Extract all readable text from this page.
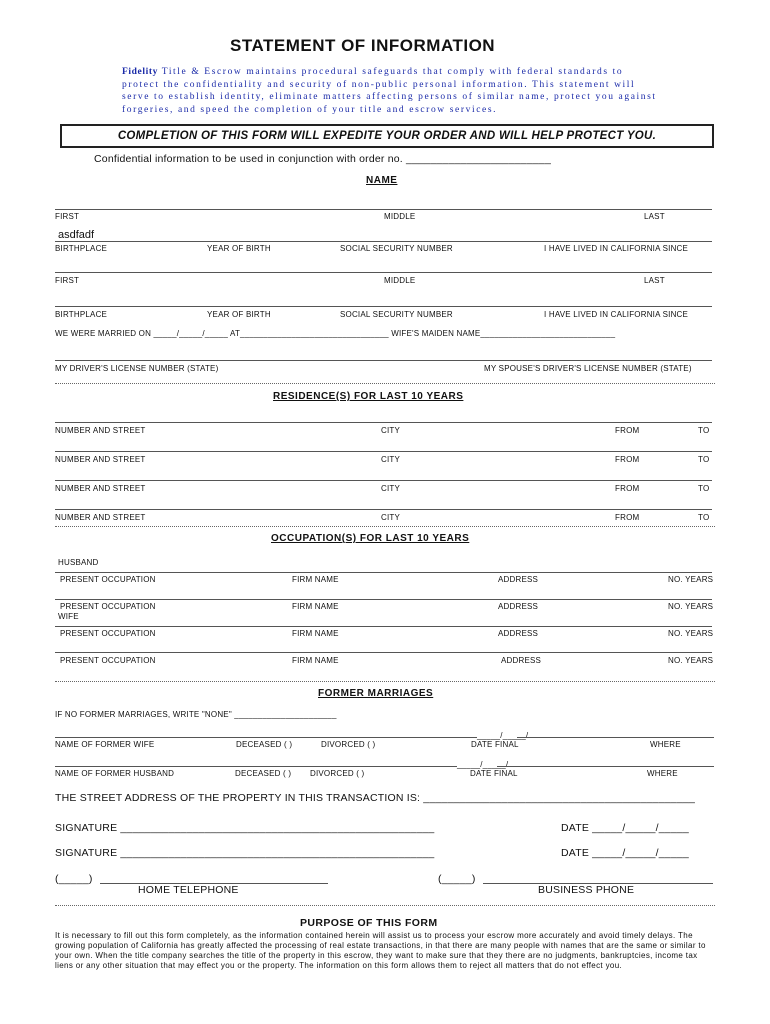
STATEMENT OF INFORMATION
Fidelity Title & Escrow maintains procedural safeguards that comply with federal standards to protect the confidentiality and security of non-public personal information. This statement will serve to establish identity, eliminate matters affecting persons of similar name, protect you against forgeries, and speed the completion of your title and escrow services.
COMPLETION OF THIS FORM WILL EXPEDITE YOUR ORDER AND WILL HELP PROTECT YOU.
Confidential information to be used in conjunction with order no. ________________________
NAME
FIRST	MIDDLE	LAST
asdfadf
BIRTHPLACE	YEAR OF BIRTH	SOCIAL SECURITY NUMBER	I HAVE LIVED IN CALIFORNIA SINCE
FIRST	MIDDLE	LAST
BIRTHPLACE	YEAR OF BIRTH	SOCIAL SECURITY NUMBER	I HAVE LIVED IN CALIFORNIA SINCE
WE WERE MARRIED ON _____/_____/_____ AT________________________________ WIFE'S MAIDEN NAME_____________________________
MY DRIVER'S LICENSE NUMBER (STATE)	MY SPOUSE'S DRIVER'S LICENSE NUMBER (STATE)
RESIDENCE(S) FOR LAST 10 YEARS
NUMBER AND STREET	CITY	FROM	TO
NUMBER AND STREET	CITY	FROM	TO
NUMBER AND STREET	CITY	FROM	TO
NUMBER AND STREET	CITY	FROM	TO
OCCUPATION(S) FOR LAST 10 YEARS
HUSBAND
PRESENT OCCUPATION	FIRM NAME	ADDRESS	NO. YEARS
PRESENT OCCUPATION	FIRM NAME	ADDRESS	NO. YEARS
WIFE
PRESENT OCCUPATION	FIRM NAME	ADDRESS	NO. YEARS
PRESENT OCCUPATION	FIRM NAME	ADDRESS	NO. YEARS
FORMER MARRIAGES
IF NO FORMER MARRIAGES, WRITE "NONE" ______________________
_____/_____/
NAME OF FORMER WIFE	DECEASED ( )	DIVORCED ( )	DATE FINAL	WHERE
_____/_____/
NAME OF FORMER HUSBAND	DECEASED ( ) DIVORCED ( )	DATE FINAL	WHERE
THE STREET ADDRESS OF THE PROPERTY IN THIS TRANSACTION IS: _____________________________________________
SIGNATURE ____________________________________________________	DATE _____/_____/_____
SIGNATURE ____________________________________________________	DATE _____/_____/_____
(_____)
HOME TELEPHONE
(_____)
BUSINESS PHONE
PURPOSE OF THIS FORM
It is necessary to fill out this form completely, as the information contained herein will assist us to process your escrow more accurately and avoid timely delays. The growing population of California has greatly affected the processing of real estate transactions, in that there are many people with names that are the same or similar to your own. When the title company searches the title of the property in this escrow, they want to make sure that they there are no judgments, bankruptcies, income tax liens or any other situation that may effect you or the property. The information on this form allows them to reject all matters that do not effect you.
